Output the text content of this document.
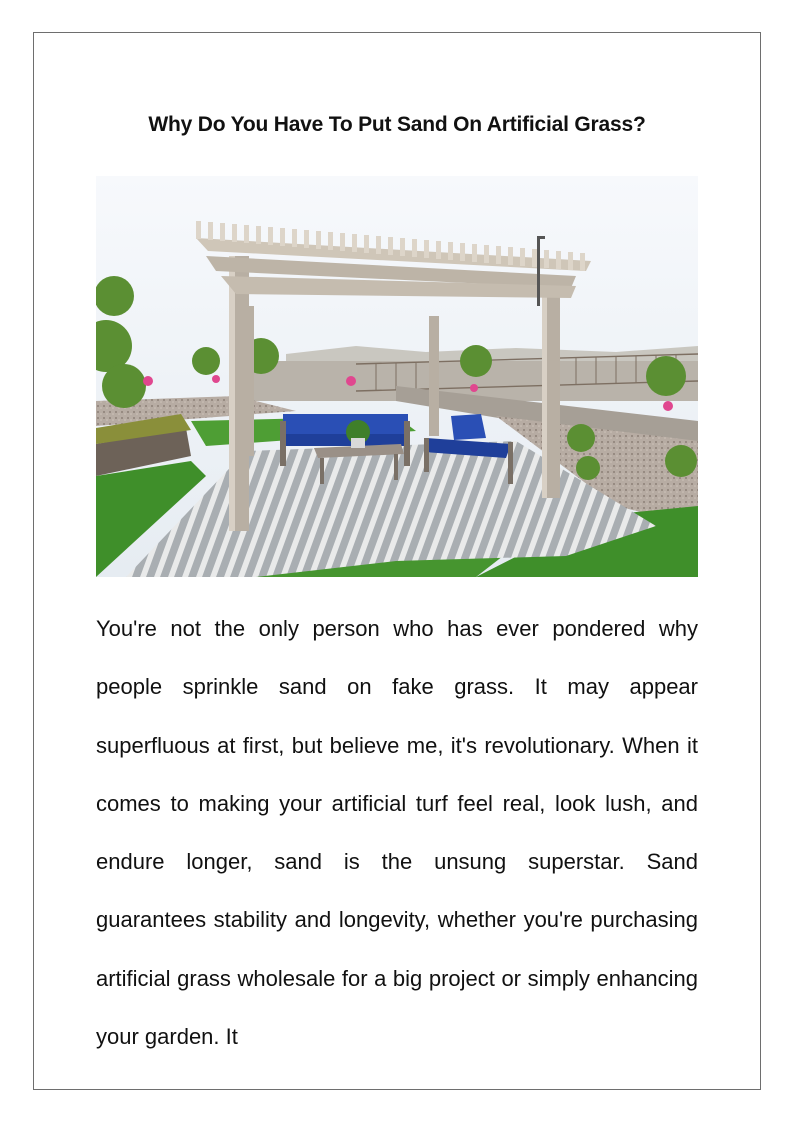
Why Do You Have To Put Sand On Artificial Grass?

You're not the only person who has ever pondered why people sprinkle sand on fake grass. It may appear superfluous at first, but believe me, it's revolutionary. When it comes to making your artificial turf feel real, look lush, and endure longer, sand is the unsung superstar. Sand guarantees stability and longevity, whether you're purchasing artificial grass wholesale for a big project or simply enhancing your garden. It
